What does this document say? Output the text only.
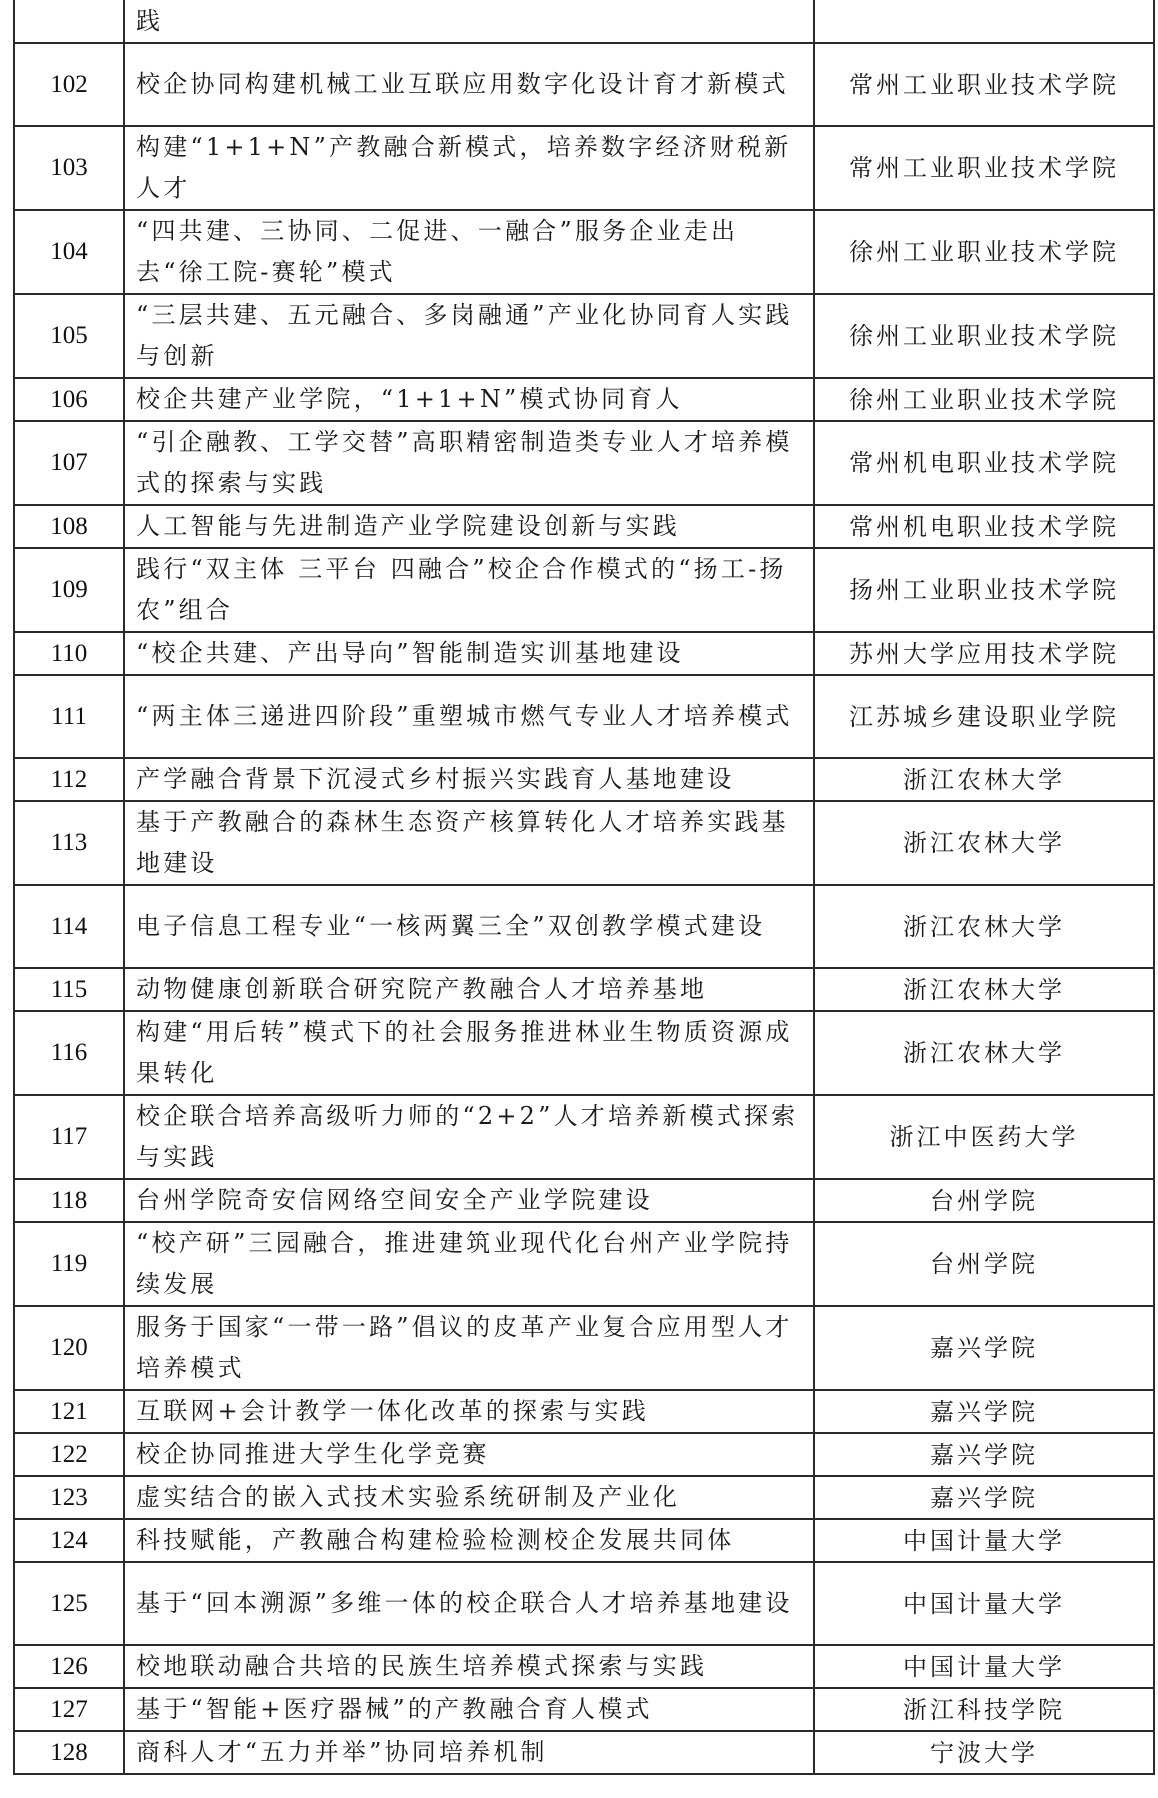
	践	
102	校企协同构建机械工业互联应用数字化设计育才新模式	常州工业职业技术学院
103	构建“1+1+N”产教融合新模式，培养数字经济财税新人才	常州工业职业技术学院
104	“四共建、三协同、二促进、一融合”服务企业走出去“徐工院-赛轮”模式	徐州工业职业技术学院
105	“三层共建、五元融合、多岗融通”产业化协同育人实践与创新	徐州工业职业技术学院
106	校企共建产业学院，“1+1+N”模式协同育人	徐州工业职业技术学院
107	“引企融教、工学交替”高职精密制造类专业人才培养模式的探索与实践	常州机电职业技术学院
108	人工智能与先进制造产业学院建设创新与实践	常州机电职业技术学院
109	践行“双主体 三平台 四融合”校企合作模式的“扬工-扬农”组合	扬州工业职业技术学院
110	“校企共建、产出导向”智能制造实训基地建设	苏州大学应用技术学院
111	“两主体三递进四阶段”重塑城市燃气专业人才培养模式	江苏城乡建设职业学院
112	产学融合背景下沉浸式乡村振兴实践育人基地建设	浙江农林大学
113	基于产教融合的森林生态资产核算转化人才培养实践基地建设	浙江农林大学
114	电子信息工程专业“一核两翼三全”双创教学模式建设	浙江农林大学
115	动物健康创新联合研究院产教融合人才培养基地	浙江农林大学
116	构建“用后转”模式下的社会服务推进林业生物质资源成果转化	浙江农林大学
117	校企联合培养高级听力师的“2+2”人才培养新模式探索与实践	浙江中医药大学
118	台州学院奇安信网络空间安全产业学院建设	台州学院
119	“校产研”三园融合，推进建筑业现代化台州产业学院持续发展	台州学院
120	服务于国家“一带一路”倡议的皮革产业复合应用型人才培养模式	嘉兴学院
121	互联网+会计教学一体化改革的探索与实践	嘉兴学院
122	校企协同推进大学生化学竞赛	嘉兴学院
123	虚实结合的嵌入式技术实验系统研制及产业化	嘉兴学院
124	科技赋能，产教融合构建检验检测校企发展共同体	中国计量大学
125	基于“回本溯源”多维一体的校企联合人才培养基地建设	中国计量大学
126	校地联动融合共培的民族生培养模式探索与实践	中国计量大学
127	基于“智能+医疗器械”的产教融合育人模式	浙江科技学院
128	商科人才“五力并举”协同培养机制	宁波大学
